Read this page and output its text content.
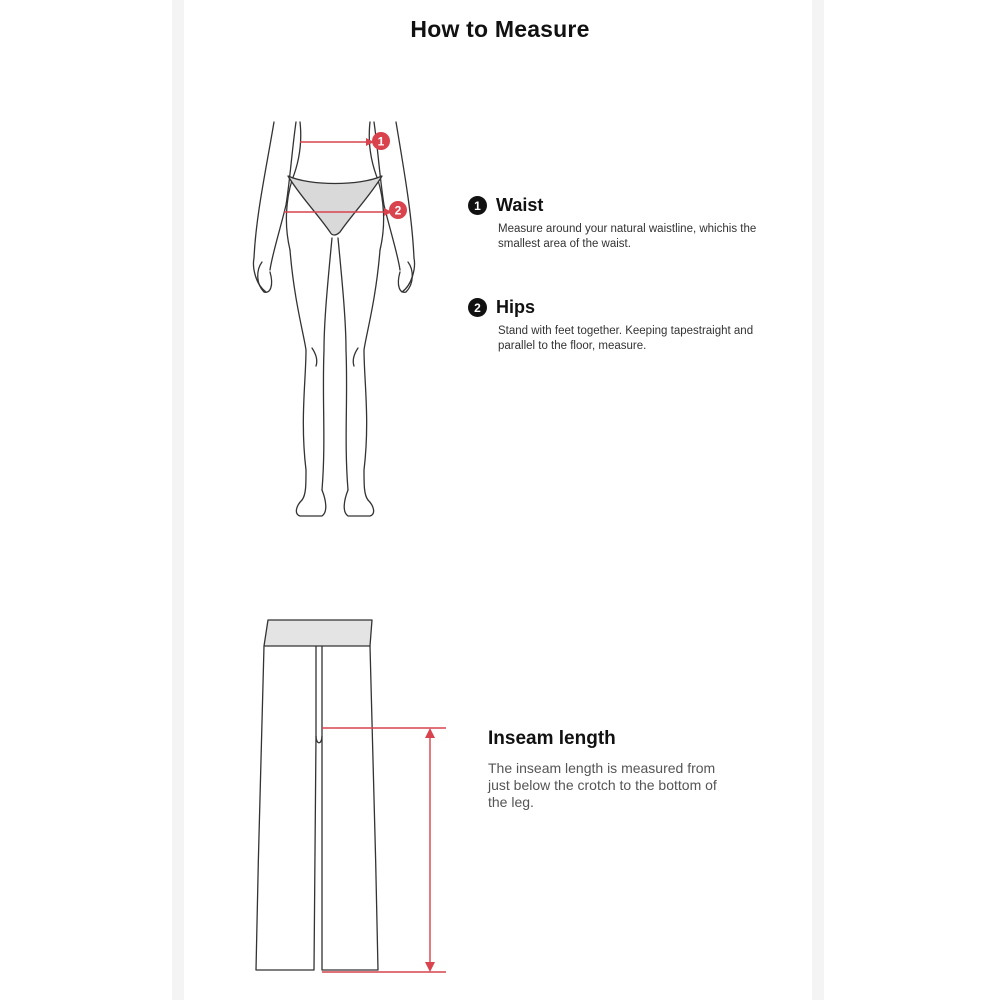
How to Measure
1
2	1 Waist
Measure around your natural waistline, whichis the smallest area of the waist.
2 Hips
Stand with feet together. Keeping tapestraight and parallel to the floor, measure.
Inseam length
The inseam length is measured from just below the crotch to the bottom of the leg.
